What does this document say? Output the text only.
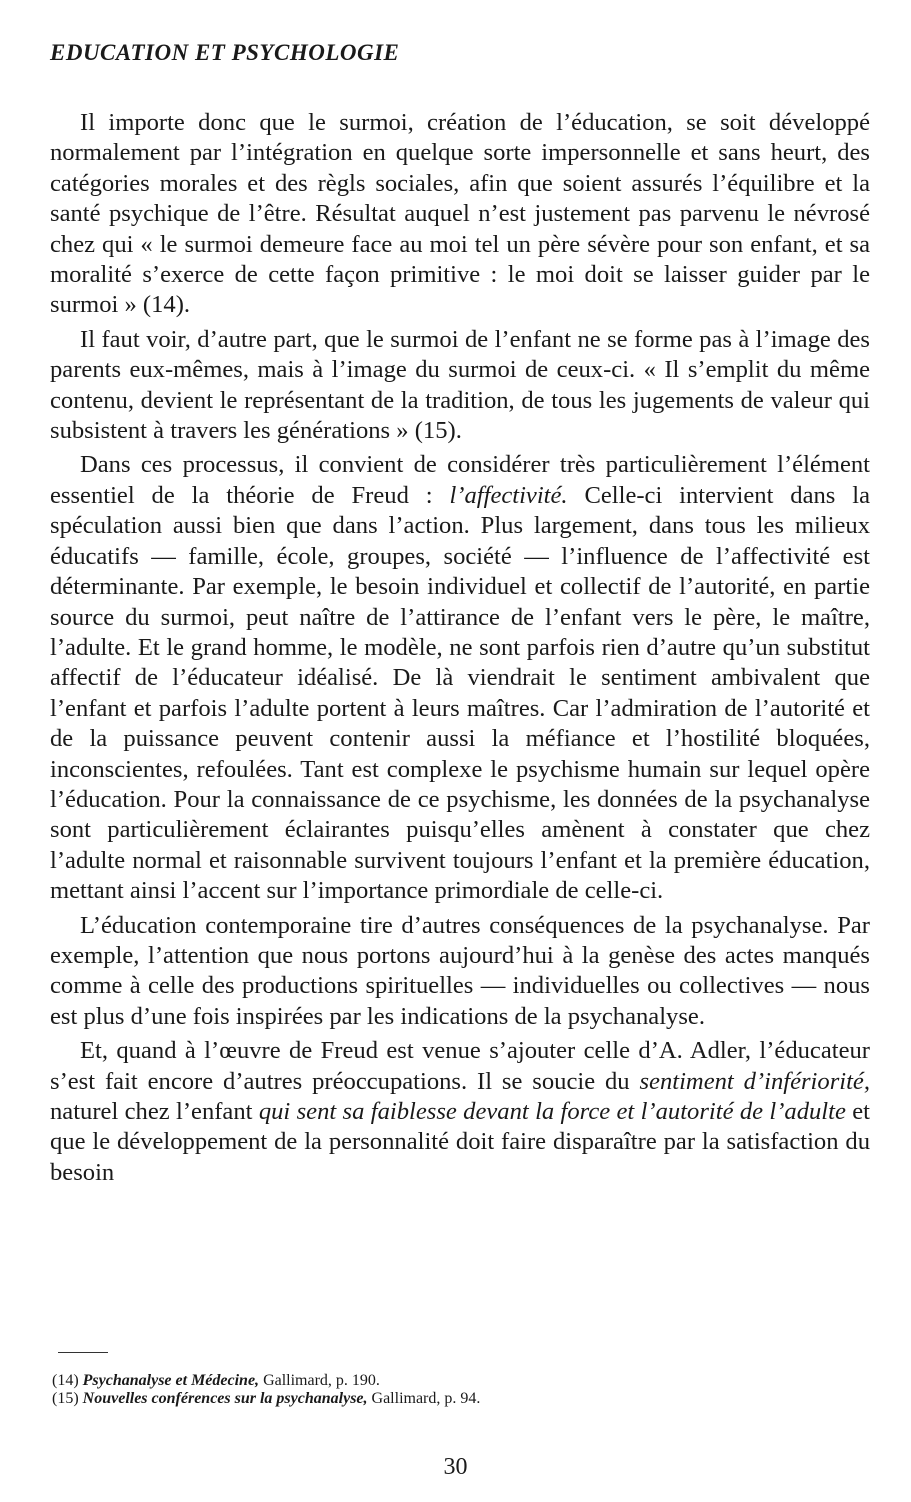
EDUCATION ET PSYCHOLOGIE

Il importe donc que le surmoi, création de l’éducation, se soit développé normalement par l’intégration en quelque sorte impersonnelle et sans heurt, des catégories morales et des règls sociales, afin que soient assurés l’équilibre et la santé psychique de l’être. Résultat auquel n’est justement pas parvenu le névrosé chez qui « le surmoi demeure face au moi tel un père sévère pour son enfant, et sa moralité s’exerce de cette façon primitive : le moi doit se laisser guider par le surmoi » (14).

Il faut voir, d’autre part, que le surmoi de l’enfant ne se forme pas à l’image des parents eux-mêmes, mais à l’image du surmoi de ceux-ci. « Il s’emplit du même contenu, devient le représentant de la tradition, de tous les jugements de valeur qui subsistent à travers les générations » (15).

Dans ces processus, il convient de considérer très particulièrement l’élément essentiel de la théorie de Freud : l’affectivité. Celle-ci intervient dans la spéculation aussi bien que dans l’action. Plus largement, dans tous les milieux éducatifs — famille, école, groupes, société — l’influence de l’affectivité est déterminante. Par exemple, le besoin individuel et collectif de l’autorité, en partie source du surmoi, peut naître de l’attirance de l’enfant vers le père, le maître, l’adulte. Et le grand homme, le modèle, ne sont parfois rien d’autre qu’un substitut affectif de l’éducateur idéalisé. De là viendrait le sentiment ambivalent que l’enfant et parfois l’adulte portent à leurs maîtres. Car l’admiration de l’autorité et de la puissance peuvent contenir aussi la méfiance et l’hostilité bloquées, inconscientes, refoulées. Tant est complexe le psychisme humain sur lequel opère l’éducation. Pour la connaissance de ce psychisme, les données de la psychanalyse sont particulièrement éclairantes puisqu’elles amènent à constater que chez l’adulte normal et raisonnable survivent toujours l’enfant et la première éducation, mettant ainsi l’accent sur l’importance primordiale de celle-ci.

L’éducation contemporaine tire d’autres conséquences de la psychanalyse. Par exemple, l’attention que nous portons aujourd’hui à la genèse des actes manqués comme à celle des productions spirituelles — individuelles ou collectives — nous est plus d’une fois inspirées par les indications de la psychanalyse.

Et, quand à l’œuvre de Freud est venue s’ajouter celle d’A. Adler, l’éducateur s’est fait encore d’autres préoccupations. Il se soucie du sentiment d’infériorité, naturel chez l’enfant qui sent sa faiblesse devant la force et l’autorité de l’adulte et que le développement de la personnalité doit faire disparaître par la satisfaction du besoin

(14) Psychanalyse et Médecine, Gallimard, p. 190.
(15) Nouvelles conférences sur la psychanalyse, Gallimard, p. 94.
30
